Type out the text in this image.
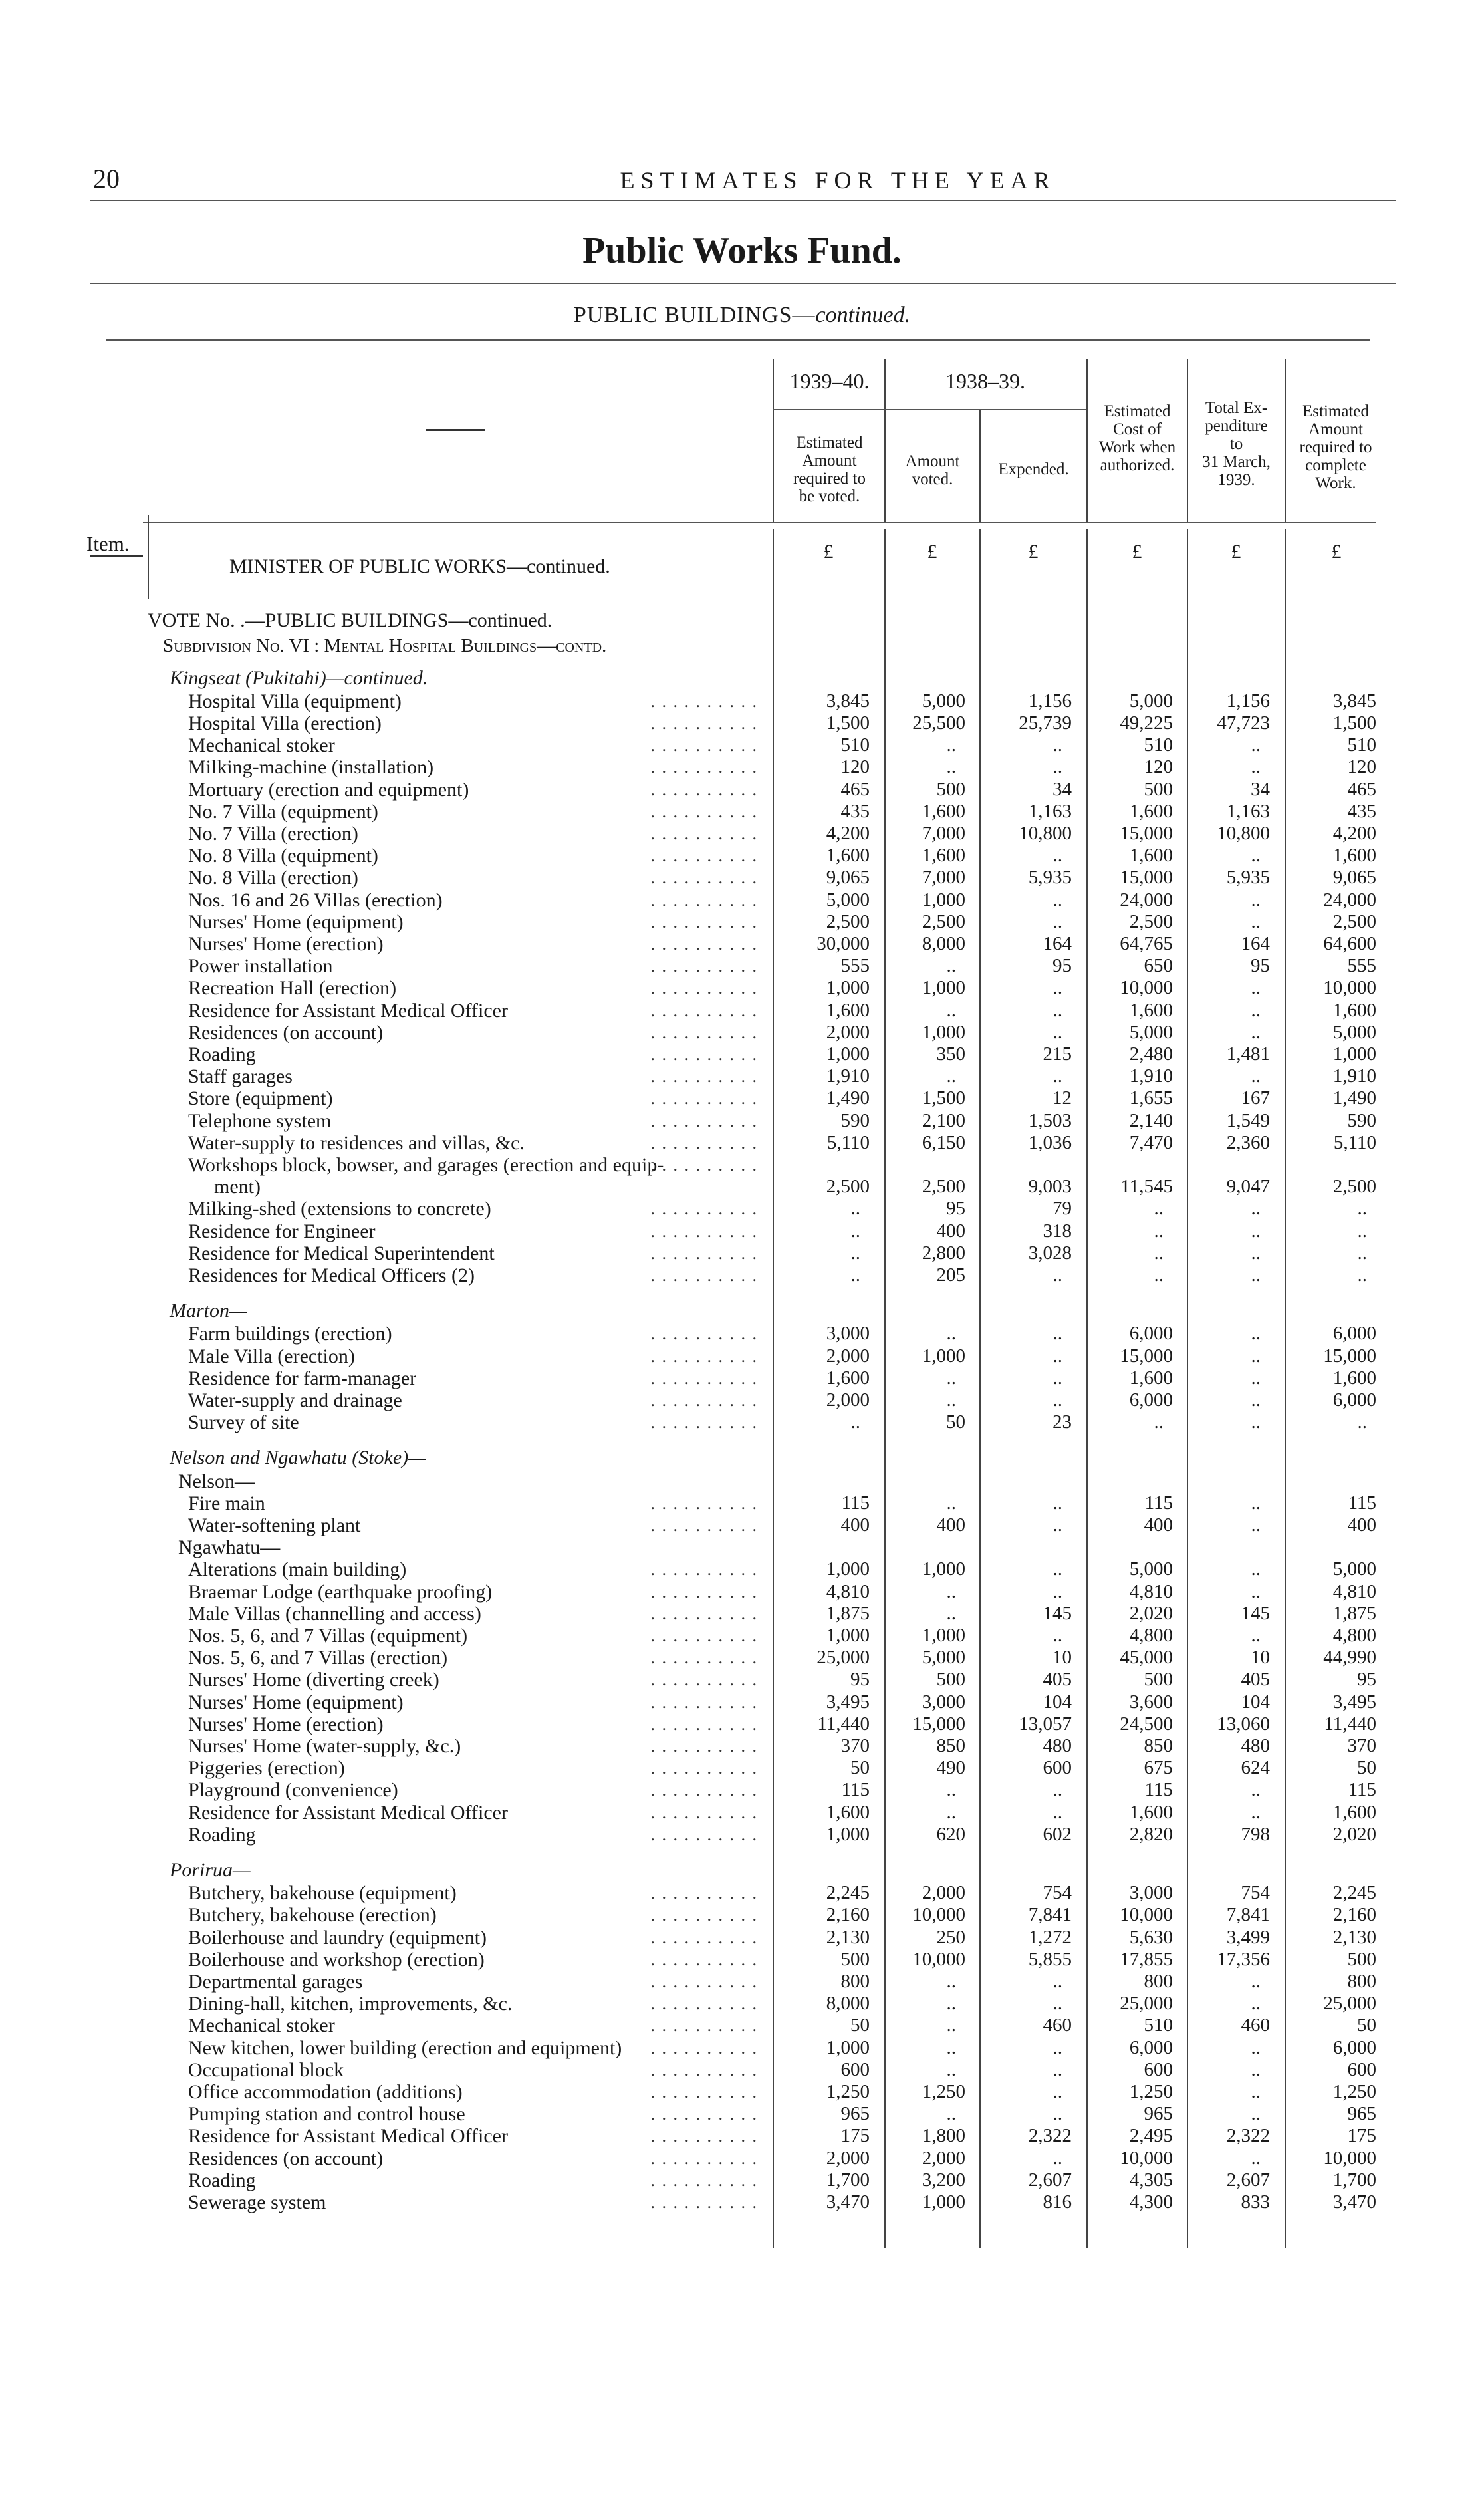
20	ESTIMATES FOR THE YEAR
Public Works Fund.
PUBLIC BUILDINGS—continued.
1939–40.	1938–39.
Estimated
Amount
required to
be voted.
Amount
voted.
Expended.
Estimated
Cost of
Work when
authorized.
Total Ex-
penditure
to
31 March,
1939.
Estimated
Amount
required to
complete
Work.
Item.	£	£	£	£	£	£
MINISTER OF PUBLIC WORKS—continued.
VOTE No. .—PUBLIC BUILDINGS—continued.
Subdivision No. VI : Mental Hospital Buildings—contd.
Kingseat (Pukitahi)—continued.
Hospital Villa (equipment)	. . . . . . . . . .	3,845	5,000	1,156	5,000	1,156	3,845
Hospital Villa (erection)	. . . . . . . . . .	1,500	25,500	25,739	49,225	47,723	1,500
Mechanical stoker	. . . . . . . . . .	510	..	..	510	..	510
Milking-machine (installation)	. . . . . . . . . .	120	..	..	120	..	120
Mortuary (erection and equipment)	. . . . . . . . . .	465	500	34	500	34	465
No. 7 Villa (equipment)	. . . . . . . . . .	435	1,600	1,163	1,600	1,163	435
No. 7 Villa (erection)	. . . . . . . . . .	4,200	7,000	10,800	15,000	10,800	4,200
No. 8 Villa (equipment)	. . . . . . . . . .	1,600	1,600	..	1,600	..	1,600
No. 8 Villa (erection)	. . . . . . . . . .	9,065	7,000	5,935	15,000	5,935	9,065
Nos. 16 and 26 Villas (erection)	. . . . . . . . . .	5,000	1,000	..	24,000	..	24,000
Nurses' Home (equipment)	. . . . . . . . . .	2,500	2,500	..	2,500	..	2,500
Nurses' Home (erection)	. . . . . . . . . .	30,000	8,000	164	64,765	164	64,600
Power installation	. . . . . . . . . .	555	..	95	650	95	555
Recreation Hall (erection)	. . . . . . . . . .	1,000	1,000	..	10,000	..	10,000
Residence for Assistant Medical Officer	. . . . . . . . . .	1,600	..	..	1,600	..	1,600
Residences (on account)	. . . . . . . . . .	2,000	1,000	..	5,000	..	5,000
Roading	. . . . . . . . . .	1,000	350	215	2,480	1,481	1,000
Staff garages	. . . . . . . . . .	1,910	..	..	1,910	..	1,910
Store (equipment)	. . . . . . . . . .	1,490	1,500	12	1,655	167	1,490
Telephone system	. . . . . . . . . .	590	2,100	1,503	2,140	1,549	590
Water-supply to residences and villas, &c.	. . . . . . . . . .	5,110	6,150	1,036	7,470	2,360	5,110
Workshops block, bowser, and garages (erection and equip-
. . . . . . . . . .
ment)	2,500	2,500	9,003	11,545	9,047	2,500
Milking-shed (extensions to concrete)	. . . . . . . . . .	..	95	79	..	..	..
Residence for Engineer	. . . . . . . . . .	..	400	318	..	..	..
Residence for Medical Superintendent	. . . . . . . . . .	..	2,800	3,028	..	..	..
Residences for Medical Officers (2)	. . . . . . . . . .	..	205	..	..	..	..
Marton—
Farm buildings (erection)	. . . . . . . . . .	3,000	..	..	6,000	..	6,000
Male Villa (erection)	. . . . . . . . . .	2,000	1,000	..	15,000	..	15,000
Residence for farm-manager	. . . . . . . . . .	1,600	..	..	1,600	..	1,600
Water-supply and drainage	. . . . . . . . . .	2,000	..	..	6,000	..	6,000
Survey of site	. . . . . . . . . .	..	50	23	..	..	..
Nelson and Ngawhatu (Stoke)—
Nelson—
Fire main	. . . . . . . . . .	115	..	..	115	..	115
Water-softening plant	. . . . . . . . . .	400	400	..	400	..	400
Ngawhatu—
Alterations (main building)	. . . . . . . . . .	1,000	1,000	..	5,000	..	5,000
Braemar Lodge (earthquake proofing)	. . . . . . . . . .	4,810	..	..	4,810	..	4,810
Male Villas (channelling and access)	. . . . . . . . . .	1,875	..	145	2,020	145	1,875
Nos. 5, 6, and 7 Villas (equipment)	. . . . . . . . . .	1,000	1,000	..	4,800	..	4,800
Nos. 5, 6, and 7 Villas (erection)	. . . . . . . . . .	25,000	5,000	10	45,000	10	44,990
Nurses' Home (diverting creek)	. . . . . . . . . .	95	500	405	500	405	95
Nurses' Home (equipment)	. . . . . . . . . .	3,495	3,000	104	3,600	104	3,495
Nurses' Home (erection)	. . . . . . . . . .	11,440	15,000	13,057	24,500	13,060	11,440
Nurses' Home (water-supply, &c.)	. . . . . . . . . .	370	850	480	850	480	370
Piggeries (erection)	. . . . . . . . . .	50	490	600	675	624	50
Playground (convenience)	. . . . . . . . . .	115	..	..	115	..	115
Residence for Assistant Medical Officer	. . . . . . . . . .	1,600	..	..	1,600	..	1,600
Roading	. . . . . . . . . .	1,000	620	602	2,820	798	2,020
Porirua—
Butchery, bakehouse (equipment)	. . . . . . . . . .	2,245	2,000	754	3,000	754	2,245
Butchery, bakehouse (erection)	. . . . . . . . . .	2,160	10,000	7,841	10,000	7,841	2,160
Boilerhouse and laundry (equipment)	. . . . . . . . . .	2,130	250	1,272	5,630	3,499	2,130
Boilerhouse and workshop (erection)	. . . . . . . . . .	500	10,000	5,855	17,855	17,356	500
Departmental garages	. . . . . . . . . .	800	..	..	800	..	800
Dining-hall, kitchen, improvements, &c.	. . . . . . . . . .	8,000	..	..	25,000	..	25,000
Mechanical stoker	. . . . . . . . . .	50	..	460	510	460	50
New kitchen, lower building (erection and equipment)	. . . . . . . . . .	1,000	..	..	6,000	..	6,000
Occupational block	. . . . . . . . . .	600	..	..	600	..	600
Office accommodation (additions)	. . . . . . . . . .	1,250	1,250	..	1,250	..	1,250
Pumping station and control house	. . . . . . . . . .	965	..	..	965	..	965
Residence for Assistant Medical Officer	. . . . . . . . . .	175	1,800	2,322	2,495	2,322	175
Residences (on account)	. . . . . . . . . .	2,000	2,000	..	10,000	..	10,000
Roading	. . . . . . . . . .	1,700	3,200	2,607	4,305	2,607	1,700
Sewerage system	. . . . . . . . . .	3,470	1,000	816	4,300	833	3,470
